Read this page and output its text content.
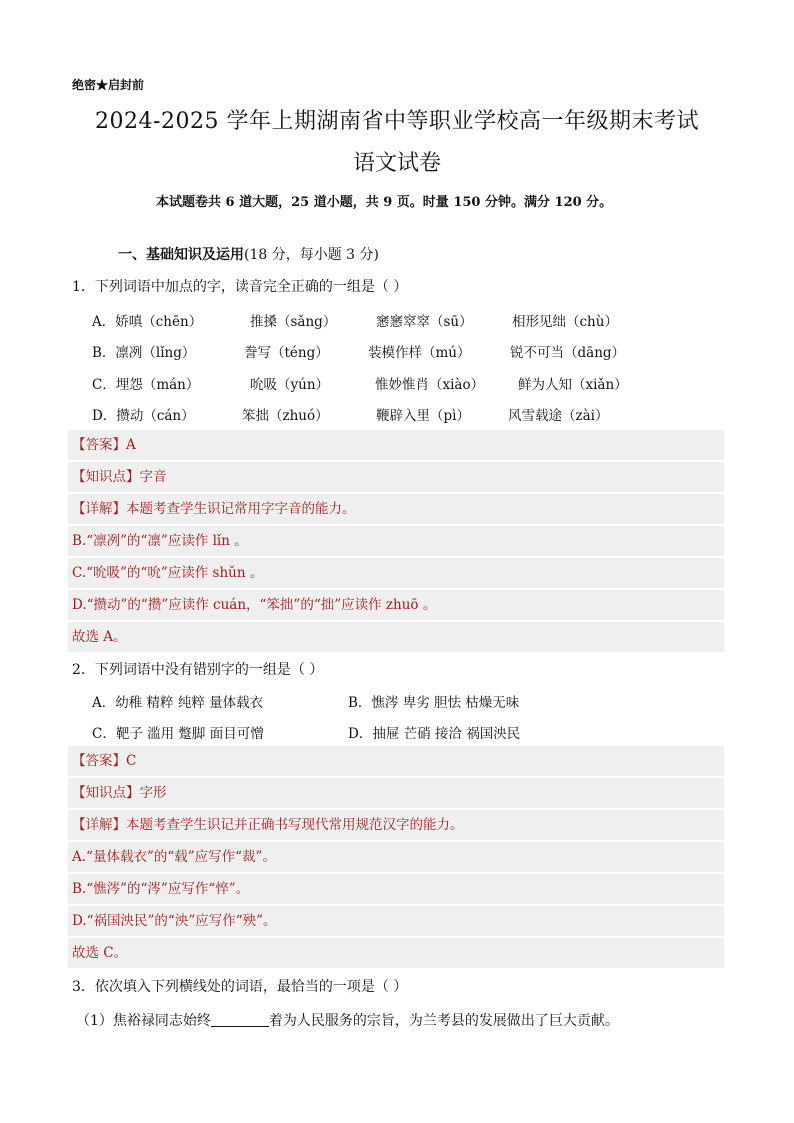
绝密★启封前
2024-2025 学年上期湖南省中等职业学校高一年级期末考试
语文试卷
本试题卷共 6 道大题，25 道小题，共 9 页。时量 150 分钟。满分 120 分。
一、基础知识及运用(18 分，每小题 3 分)
1．下列词语中加点的字，读音完全正确的一组是（ ）
A．娇嗔（chēn）	推搡（sǎng）	窸窸窣窣（sū）	相形见绌（chù）
B．凛冽（lǐng）	誊写（téng）	装模作样（mú）	锐不可当（dāng）
C．埋怨（mán）	吮吸（yún）	惟妙惟肖（xiào）	鲜为人知（xiǎn）
D．攒动（cán）	笨拙（zhuó）	鞭辟入里（pì）	风雪载途（zài）
【答案】A
【知识点】字音
【详解】本题考查学生识记常用字字音的能力。
B.“凛冽”的“凛”应读作 lǐn 。
C.“吮吸”的“吮”应读作 shǔn 。
D.“攒动”的“攒”应读作 cuán，“笨拙”的“拙”应读作 zhuō 。
故选 A。
2．下列词语中没有错别字的一组是（ ）
A．幼稚 精粹 纯粹 量体载衣	B．憔涔 卑劣 胆怯 枯燥无味
C．靶子 滥用 蹩脚 面目可憎	D．抽屉 芒硝 接洽 祸国泱民
【答案】C
【知识点】字形
【详解】本题考查学生识记并正确书写现代常用规范汉字的能力。
A.“量体载衣”的“载”应写作“裁”。
B.“憔涔”的“涔”应写作“悴”。
D.“祸国泱民”的“泱”应写作“殃”。
故选 C。
3．依次填入下列横线处的词语，最恰当的一项是（ ）
（1）焦裕禄同志始终	着为人民服务的宗旨，为兰考县的发展做出了巨大贡献。
